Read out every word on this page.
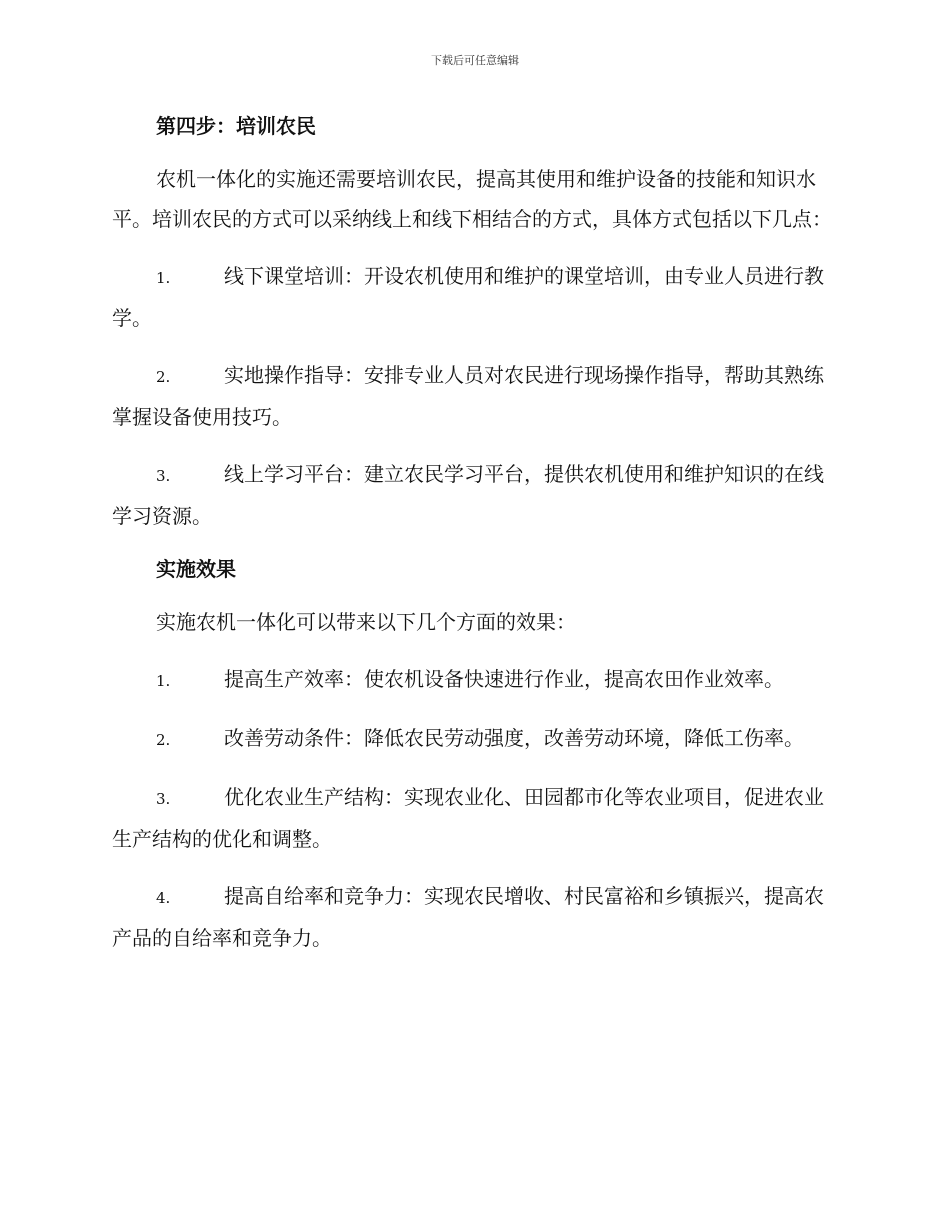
下载后可任意编辑
第四步：培训农民

农机一体化的实施还需要培训农民，提高其使用和维护设备的技能和知识水平。培训农民的方式可以采纳线上和线下相结合的方式，具体方式包括以下几点：

1.	线下课堂培训：开设农机使用和维护的课堂培训，由专业人员进行教学。

2.	实地操作指导：安排专业人员对农民进行现场操作指导，帮助其熟练掌握设备使用技巧。

3.	线上学习平台：建立农民学习平台，提供农机使用和维护知识的在线学习资源。

实施效果

实施农机一体化可以带来以下几个方面的效果：

1.	提高生产效率：使农机设备快速进行作业，提高农田作业效率。

2.	改善劳动条件：降低农民劳动强度，改善劳动环境，降低工伤率。

3.	优化农业生产结构：实现农业化、田园都市化等农业项目，促进农业生产结构的优化和调整。

4.	提高自给率和竞争力：实现农民增收、村民富裕和乡镇振兴，提高农产品的自给率和竞争力。
